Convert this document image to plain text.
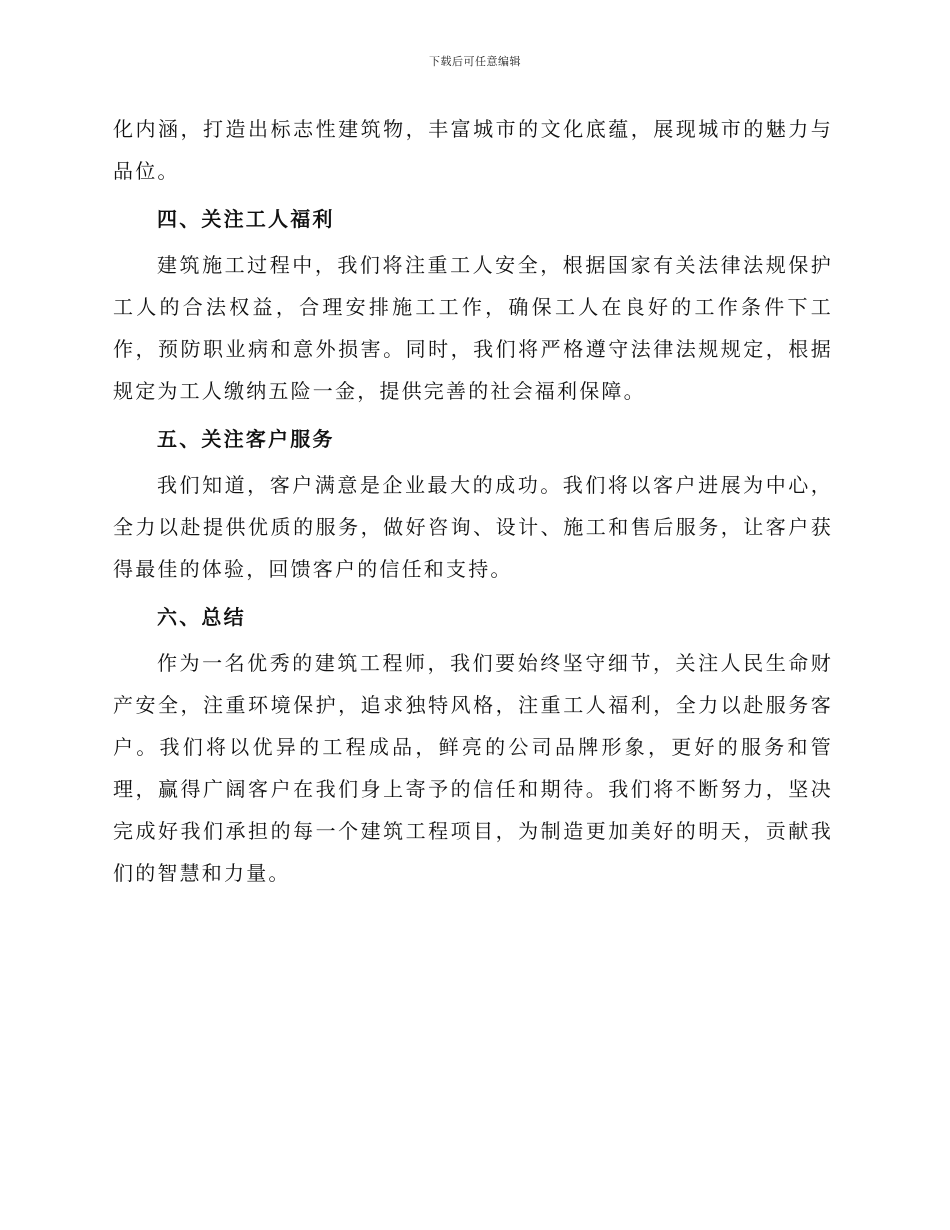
下载后可任意编辑

化内涵，打造出标志性建筑物，丰富城市的文化底蕴，展现城市的魅力与品位。

四、关注工人福利

建筑施工过程中，我们将注重工人安全，根据国家有关法律法规保护工人的合法权益，合理安排施工工作，确保工人在良好的工作条件下工作，预防职业病和意外损害。同时，我们将严格遵守法律法规规定，根据规定为工人缴纳五险一金，提供完善的社会福利保障。

五、关注客户服务

我们知道，客户满意是企业最大的成功。我们将以客户进展为中心，全力以赴提供优质的服务，做好咨询、设计、施工和售后服务，让客户获得最佳的体验，回馈客户的信任和支持。

六、总结

作为一名优秀的建筑工程师，我们要始终坚守细节，关注人民生命财产安全，注重环境保护，追求独特风格，注重工人福利，全力以赴服务客户。我们将以优异的工程成品，鲜亮的公司品牌形象，更好的服务和管理，赢得广阔客户在我们身上寄予的信任和期待。我们将不断努力，坚决完成好我们承担的每一个建筑工程项目，为制造更加美好的明天，贡献我们的智慧和力量。
